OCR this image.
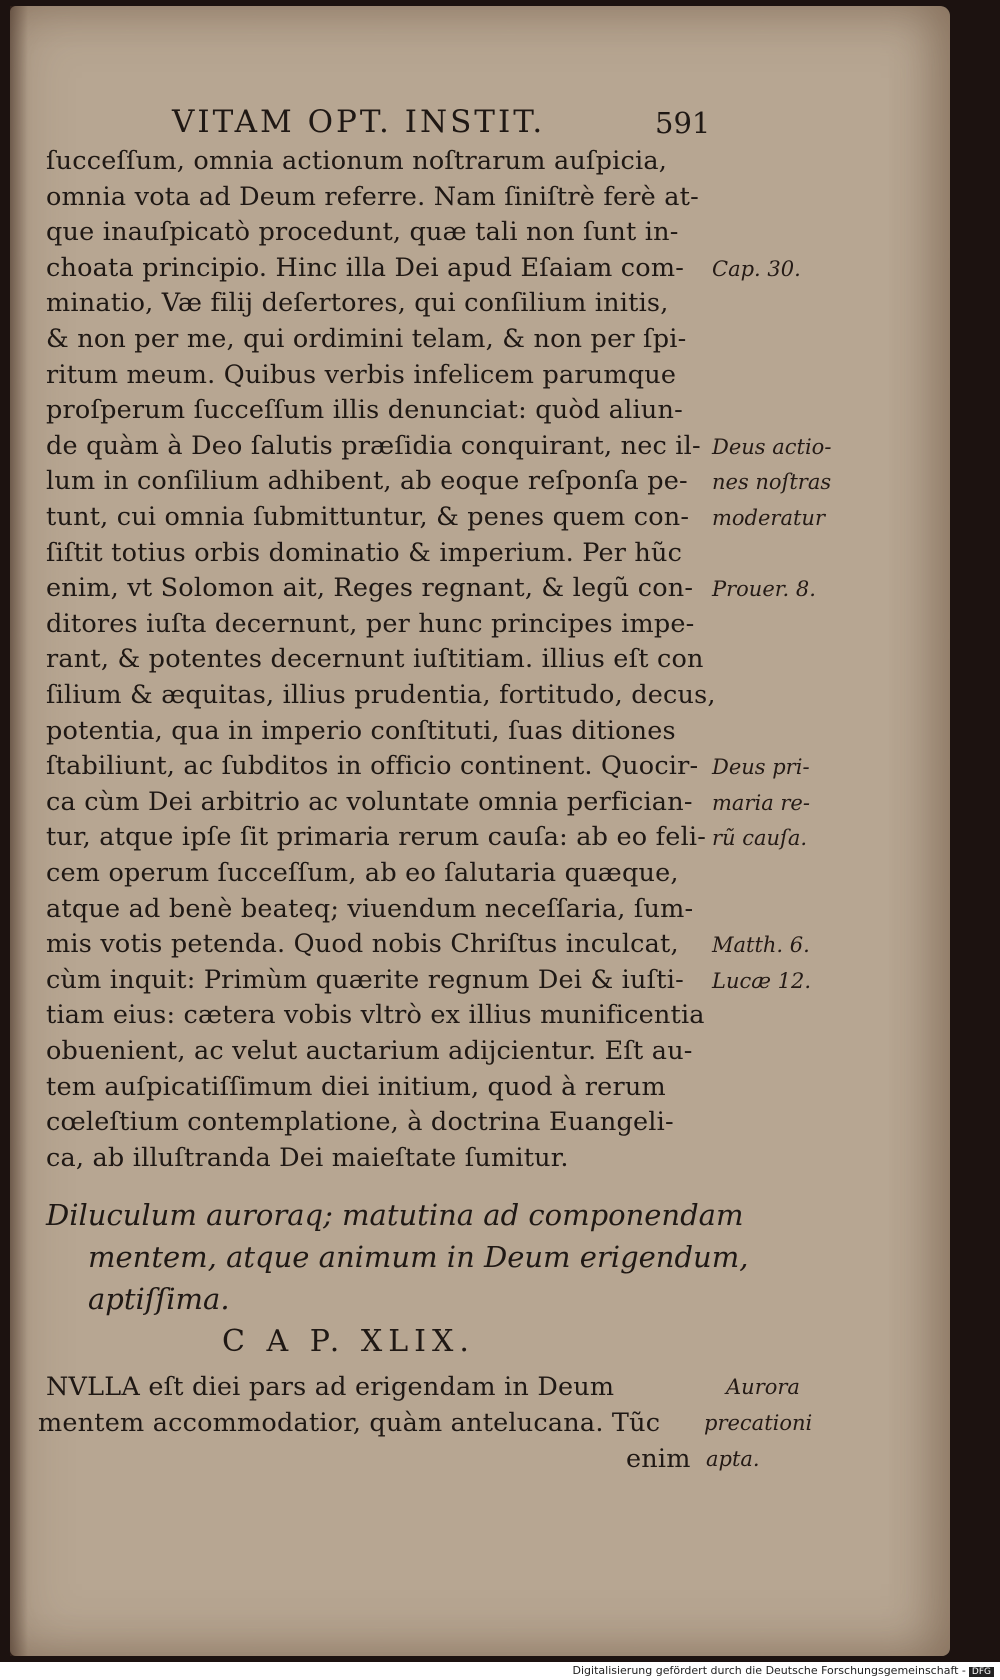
VITAM OPT. INSTIT.	591
ſucceſſum, omnia actionum noſtrarum auſpicia,
omnia vota ad Deum referre. Nam ſiniſtrè ferè at-
que inauſpicatò procedunt, quæ tali non ſunt in-
choata principio. Hinc illa Dei apud Eſaiam com-
minatio, Væ filij deſertores, qui conſilium initis,
& non per me, qui ordimini telam, & non per ſpi-
ritum meum. Quibus verbis infelicem parumque
proſperum ſucceſſum illis denunciat: quòd aliun-
de quàm à Deo ſalutis præſidia conquirant, nec il-
lum in conſilium adhibent, ab eoque reſponſa pe-
tunt, cui omnia ſubmittuntur, & penes quem con-
ſiſtit totius orbis dominatio & imperium. Per hũc
enim, vt Solomon ait, Reges regnant, & legũ con-
ditores iuſta decernunt, per hunc principes impe-
rant, & potentes decernunt iuſtitiam. illius eſt con
ſilium & æquitas, illius prudentia, fortitudo, decus,
potentia, qua in imperio conſtituti, ſuas ditiones
ſtabiliunt, ac ſubditos in officio continent. Quocir-
ca cùm Dei arbitrio ac voluntate omnia perfician-
tur, atque ipſe ſit primaria rerum cauſa: ab eo feli-
cem operum ſucceſſum, ab eo ſalutaria quæque,
atque ad benè beateq; viuendum neceſſaria, ſum-
mis votis petenda. Quod nobis Chriſtus inculcat,
cùm inquit: Primùm quærite regnum Dei & iuſti-
tiam eius: cætera vobis vltrò ex illius munificentia
obuenient, ac velut auctarium adijcientur. Eſt au-
tem auſpicatiſſimum diei initium, quod à rerum
cœleſtium contemplatione, à doctrina Euangeli-
ca, ab illuſtranda Dei maieſtate ſumitur.
Cap. 30.
Deus actio-
nes noſtras
moderatur
Prouer. 8.
Deus pri-
maria re-
rũ cauſa.
Matth. 6.
Lucæ 12.
Diluculum auroraq; matutina ad componendam
mentem, atque animum in Deum erigendum,
aptiſſima.
C A P. XLIX.
NVLLA eſt diei pars ad erigendam in Deum
mentem accommodatior, quàm antelucana. Tũc
enim
Aurora
precationi
apta.
Digitalisierung gefördert durch die Deutsche Forschungsgemeinschaft - DFG
